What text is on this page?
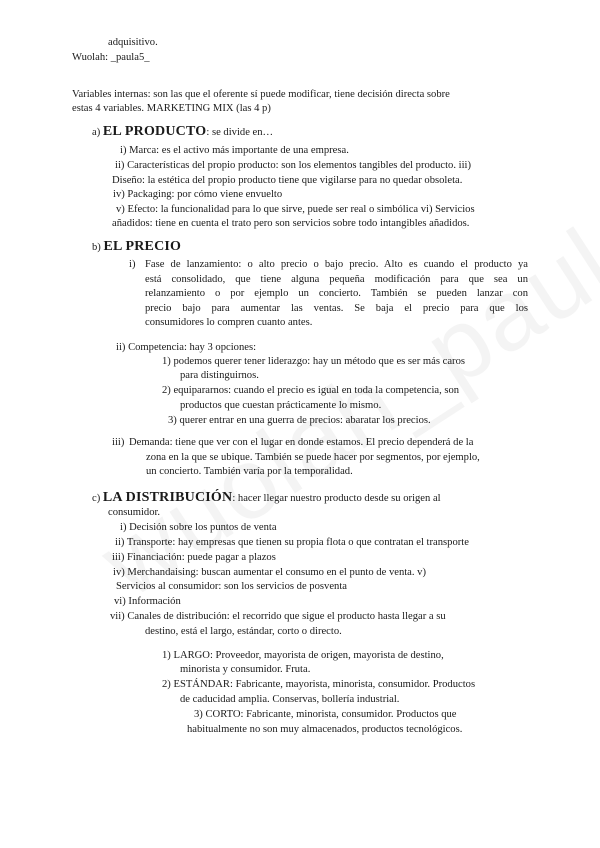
adquisitivo.
Wuolah: _paula5_
Variables internas: son las que el oferente sí puede modificar, tiene decisión directa sobre
estas 4 variables. MARKETING MIX (las 4 p)
a) EL PRODUCTO: se divide en…
i) Marca: es el activo más importante de una empresa.
ii) Características del propio producto: son los elementos tangibles del producto. iii)
Diseño: la estética del propio producto tiene que vigilarse para no quedar obsoleta.
iv) Packaging: por cómo viene envuelto
v) Efecto: la funcionalidad para lo que sirve, puede ser real o simbólica vi) Servicios
añadidos: tiene en cuenta el trato pero son servicios sobre todo intangibles añadidos.
b) EL PRECIO
i) Fase de lanzamiento: o alto precio o bajo precio. Alto es cuando el producto ya
está consolidado, que tiene alguna pequeña modificación para que sea un
relanzamiento o por ejemplo un concierto. También se pueden lanzar con
precio bajo para aumentar las ventas. Se baja el precio para que los
consumidores lo compren cuanto antes.
ii) Competencia: hay 3 opciones:
1) podemos querer tener liderazgo: hay un método que es ser más caros
para distinguirnos.
2) equipararnos: cuando el precio es igual en toda la competencia, son
productos que cuestan prácticamente lo mismo.
3) querer entrar en una guerra de precios: abaratar los precios.
iii) Demanda: tiene que ver con el lugar en donde estamos. El precio dependerá de la
zona en la que se ubique. También se puede hacer por segmentos, por ejemplo,
un concierto. También varía por la temporalidad.
c) LA DISTRIBUCIÓN: hacer llegar nuestro producto desde su origen al
consumidor.
i) Decisión sobre los puntos de venta
ii) Transporte: hay empresas que tienen su propia flota o que contratan el transporte
iii) Financiación: puede pagar a plazos
iv) Merchandaising: buscan aumentar el consumo en el punto de venta. v)
Servicios al consumidor: son los servicios de posventa
vi) Información
vii) Canales de distribución: el recorrido que sigue el producto hasta llegar a su
destino, está el largo, estándar, corto o directo.
1) LARGO: Proveedor, mayorista de origen, mayorista de destino,
minorista y consumidor. Fruta.
2) ESTÁNDAR: Fabricante, mayorista, minorista, consumidor. Productos
de caducidad amplia. Conservas, bollería industrial.
3) CORTO: Fabricante, minorista, consumidor. Productos que
habitualmente no son muy almacenados, productos tecnológicos.
